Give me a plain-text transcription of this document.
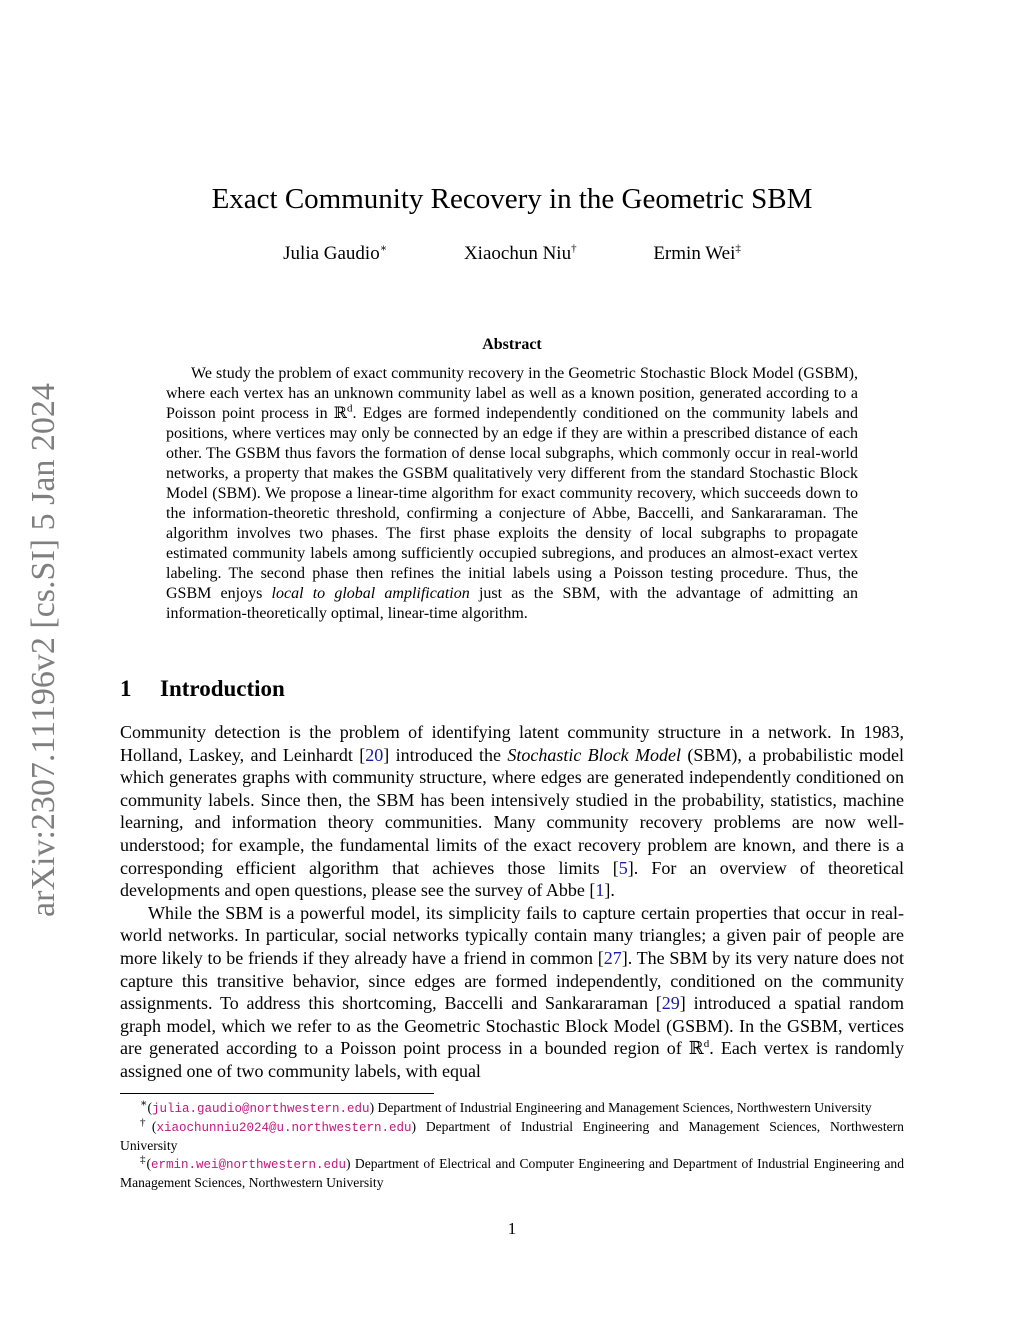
arXiv:2307.11196v2 [cs.SI] 5 Jan 2024
Exact Community Recovery in the Geometric SBM
Julia Gaudio∗	Xiaochun Niu†	Ermin Wei‡
Abstract
We study the problem of exact community recovery in the Geometric Stochastic Block Model (GSBM), where each vertex has an unknown community label as well as a known position, generated according to a Poisson point process in ℝ$^d$. Edges are formed independently conditioned on the community labels and positions, where vertices may only be connected by an edge if they are within a prescribed distance of each other. The GSBM thus favors the formation of dense local subgraphs, which commonly occur in real-world networks, a property that makes the GSBM qualitatively very different from the standard Stochastic Block Model (SBM). We propose a linear-time algorithm for exact community recovery, which succeeds down to the information-theoretic threshold, confirming a conjecture of Abbe, Baccelli, and Sankararaman. The algorithm involves two phases. The first phase exploits the density of local subgraphs to propagate estimated community labels among sufficiently occupied subregions, and produces an almost-exact vertex labeling. The second phase then refines the initial labels using a Poisson testing procedure. Thus, the GSBM enjoys local to global amplification just as the SBM, with the advantage of admitting an information-theoretically optimal, linear-time algorithm.
1 Introduction

Community detection is the problem of identifying latent community structure in a network. In 1983, Holland, Laskey, and Leinhardt [20] introduced the Stochastic Block Model (SBM), a probabilistic model which generates graphs with community structure, where edges are generated independently conditioned on community labels. Since then, the SBM has been intensively studied in the probability, statistics, machine learning, and information theory communities. Many community recovery problems are now well-understood; for example, the fundamental limits of the exact recovery problem are known, and there is a corresponding efficient algorithm that achieves those limits [5]. For an overview of theoretical developments and open questions, please see the survey of Abbe [1].

While the SBM is a powerful model, its simplicity fails to capture certain properties that occur in real-world networks. In particular, social networks typically contain many triangles; a given pair of people are more likely to be friends if they already have a friend in common [27]. The SBM by its very nature does not capture this transitive behavior, since edges are formed independently, conditioned on the community assignments. To address this shortcoming, Baccelli and Sankararaman [29] introduced a spatial random graph model, which we refer to as the Geometric Stochastic Block Model (GSBM). In the GSBM, vertices are generated according to a Poisson point process in a bounded region of ℝ$^d$. Each vertex is randomly assigned one of two community labels, with equal

∗(julia.gaudio@northwestern.edu) Department of Industrial Engineering and Management Sciences, Northwestern University

†(xiaochunniu2024@u.northwestern.edu) Department of Industrial Engineering and Management Sciences, Northwestern University

‡(ermin.wei@northwestern.edu) Department of Electrical and Computer Engineering and Department of Industrial Engineering and Management Sciences, Northwestern University

1
